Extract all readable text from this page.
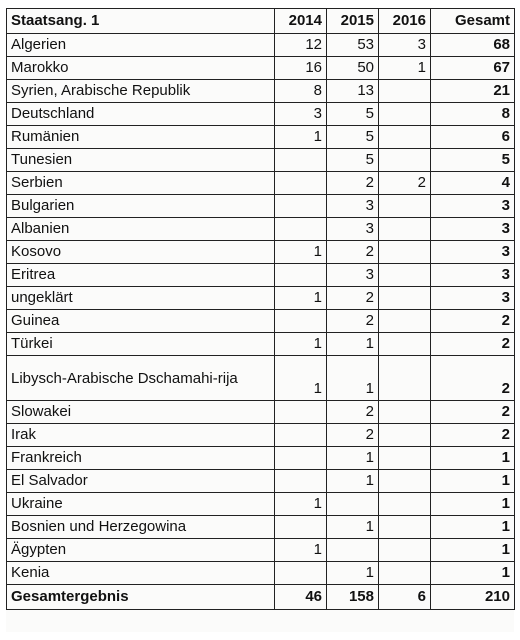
Staatsang. 1	2014	2015	2016	Gesamt
Algerien	12	53	3	68
Marokko	16	50	1	67
Syrien, Arabische Republik	8	13		21
Deutschland	3	5		8
Rumänien	1	5		6
Tunesien		5		5
Serbien		2	2	4
Bulgarien		3		3
Albanien		3		3
Kosovo	1	2		3
Eritrea		3		3
ungeklärt	1	2		3
Guinea		2		2
Türkei	1	1		2
Libysch-Arabische Dschamahi-rija	1	1		2
Slowakei		2		2
Irak		2		2
Frankreich		1		1
El Salvador		1		1
Ukraine	1			1
Bosnien und Herzegowina		1		1
Ägypten	1			1
Kenia		1		1
Gesamtergebnis	46	158	6	210
